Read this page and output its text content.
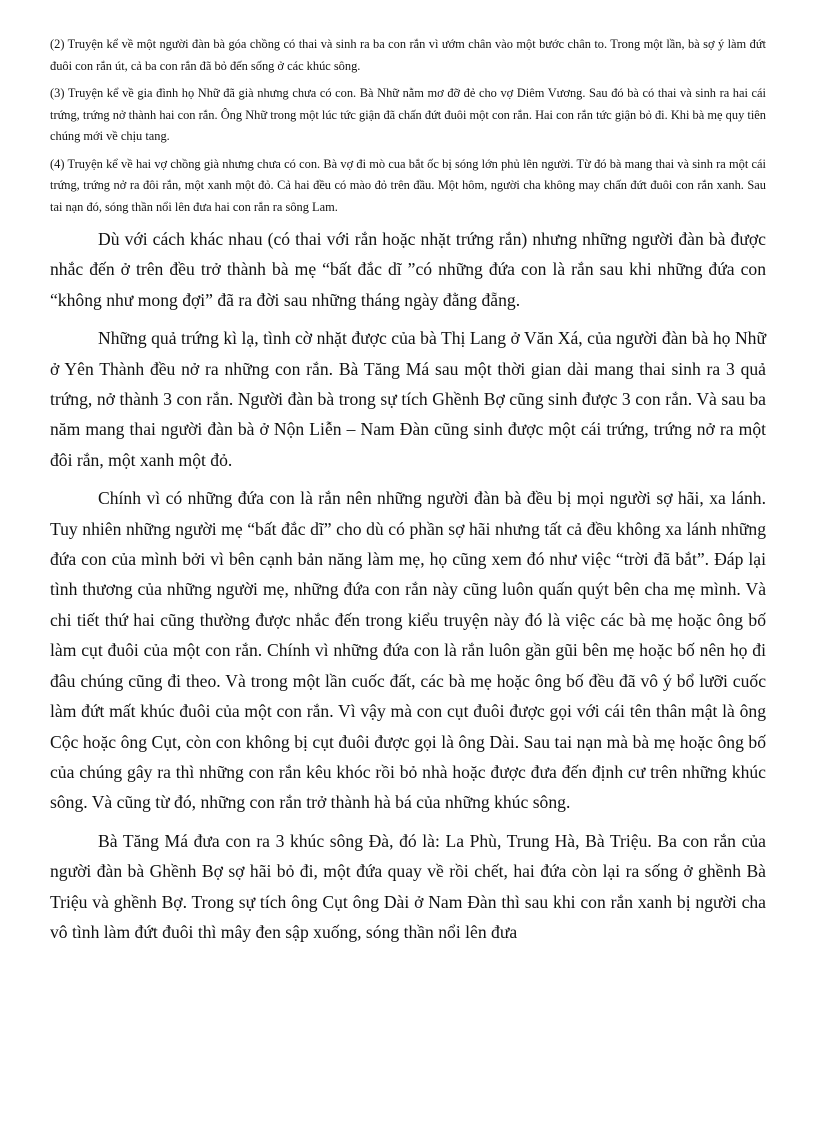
(2) Truyện kể về một người đàn bà góa chồng có thai và sinh ra ba con rắn vì ướm chân vào một bước chân to. Trong một lần, bà sợ ý làm đứt đuôi con rắn út, cả ba con rắn đã bỏ đến sống ở các khúc sông.

(3) Truyện kể về gia đình họ Nhữ đã già nhưng chưa có con. Bà Nhữ nằm mơ đỡ đẻ cho vợ Diêm Vương. Sau đó bà có thai và sinh ra hai cái trứng, trứng nở thành hai con rắn. Ông Nhữ trong một lúc tức giận đã chấn đứt đuôi một con rắn. Hai con rắn tức giận bỏ đi. Khi bà mẹ quy tiên chúng mới về chịu tang.

(4) Truyện kể về hai vợ chồng già nhưng chưa có con. Bà vợ đi mò cua bắt ốc bị sóng lớn phủ lên người. Từ đó bà mang thai và sinh ra một cái trứng, trứng nở ra đôi rắn, một xanh một đỏ. Cả hai đều có mào đỏ trên đầu. Một hôm, người cha không may chấn đứt đuôi con rắn xanh. Sau tai nạn đó, sóng thần nổi lên đưa hai con rắn ra sông Lam.

Dù với cách khác nhau (có thai với rắn hoặc nhặt trứng rắn) nhưng những người đàn bà được nhắc đến ở trên đều trở thành bà mẹ “bất đắc dĩ ”có những đứa con là rắn sau khi những đứa con “không như mong đợi” đã ra đời sau những tháng ngày đằng đẵng.

Những quả trứng kì lạ, tình cờ nhặt được của bà Thị Lang ở Văn Xá, của người đàn bà họ Nhữ ở Yên Thành đều nở ra những con rắn. Bà Tăng Má sau một thời gian dài mang thai sinh ra 3 quả trứng, nở thành 3 con rắn. Người đàn bà trong sự tích Ghềnh Bợ cũng sinh được 3 con rắn. Và sau ba năm mang thai người đàn bà ở Nộn Liễn – Nam Đàn cũng sinh được một cái trứng, trứng nở ra một đôi rắn, một xanh một đỏ.

Chính vì có những đứa con là rắn nên những người đàn bà đều bị mọi người sợ hãi, xa lánh. Tuy nhiên những người mẹ “bất đắc dĩ” cho dù có phần sợ hãi nhưng tất cả đều không xa lánh những đứa con của mình bởi vì bên cạnh bản năng làm mẹ, họ cũng xem đó như việc “trời đã bắt”. Đáp lại tình thương của những người mẹ, những đứa con rắn này cũng luôn quấn quýt bên cha mẹ mình. Và chi tiết thứ hai cũng thường được nhắc đến trong kiểu truyện này đó là việc các bà mẹ hoặc ông bố làm cụt đuôi của một con rắn. Chính vì những đứa con là rắn luôn gần gũi bên mẹ hoặc bố nên họ đi đâu chúng cũng đi theo. Và trong một lần cuốc đất, các bà mẹ hoặc ông bố đều đã vô ý bổ lưỡi cuốc làm đứt mất khúc đuôi của một con rắn. Vì vậy mà con cụt đuôi được gọi với cái tên thân mật là ông Cộc hoặc ông Cụt, còn con không bị cụt đuôi được gọi là ông Dài. Sau tai nạn mà bà mẹ hoặc ông bố của chúng gây ra thì những con rắn kêu khóc rồi bỏ nhà hoặc được đưa đến định cư trên những khúc sông. Và cũng từ đó, những con rắn trở thành hà bá của những khúc sông.

Bà Tăng Má đưa con ra 3 khúc sông Đà, đó là: La Phù, Trung Hà, Bà Triệu. Ba con rắn của người đàn bà Ghềnh Bợ sợ hãi bỏ đi, một đứa quay về rồi chết, hai đứa còn lại ra sống ở ghềnh Bà Triệu và ghềnh Bợ. Trong sự tích ông Cụt ông Dài ở Nam Đàn thì sau khi con rắn xanh bị người cha vô tình làm đứt đuôi thì mây đen sập xuống, sóng thần nổi lên đưa
